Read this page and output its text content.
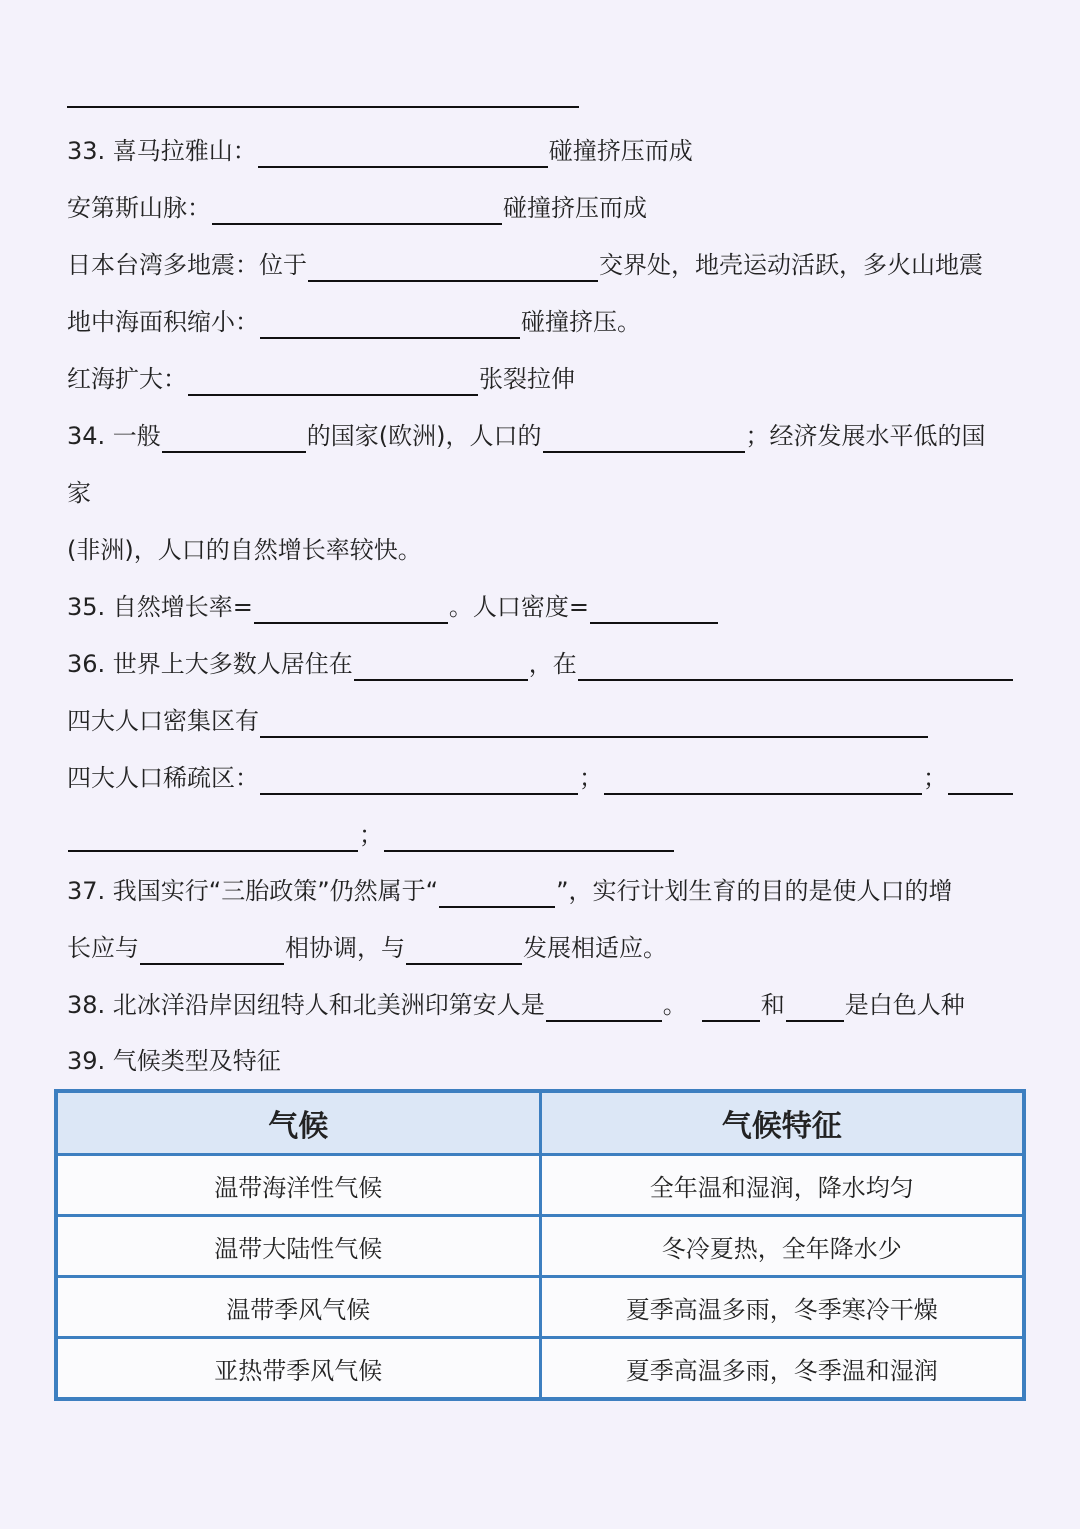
33. 喜马拉雅山：	碰撞挤压而成
安第斯山脉：	碰撞挤压而成
日本台湾多地震：位于	交界处，地壳运动活跃，多火山地震
地中海面积缩小：	碰撞挤压。
红海扩大：	张裂拉伸
34. 一般	的国家(欧洲)，人口的	；经济发展水平低的国
家
(非洲)，人口的自然增长率较快。
35. 自然增长率=	。人口密度=
36. 世界上大多数人居住在	，在
四大人口密集区有
四大人口稀疏区：	；	；
；
37. 我国实行“三胎政策”仍然属于“	”，实行计划生育的目的是使人口的增
长应与	相协调，与	发展相适应。
38. 北冰洋沿岸因纽特人和北美洲印第安人是	。	和	是白色人种
39. 气候类型及特征
气候	气候特征
温带海洋性气候	全年温和湿润，降水均匀
温带大陆性气候	冬冷夏热，全年降水少
温带季风气候	夏季高温多雨，冬季寒冷干燥
亚热带季风气候	夏季高温多雨，冬季温和湿润
